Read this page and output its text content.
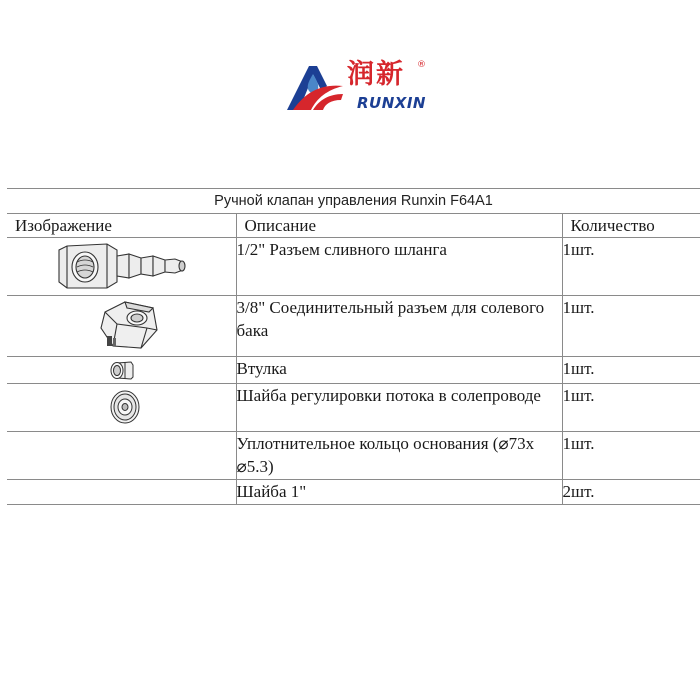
润新 ®
RUNXIN
Ручной клапан управления Runxin F64A1		
Изображение	Описание	Количество

	1/2" Разъем сливного шланга	1шт.

	3/8" Соединительный разъем для солевого бака	1шт.

	Втулка	1шт.

	Шайба регулировки потока в солепроводе	1шт.
	Уплотнительное кольцо основания (⌀73x ⌀5.3)	1шт.
	Шайба 1"	2шт.
